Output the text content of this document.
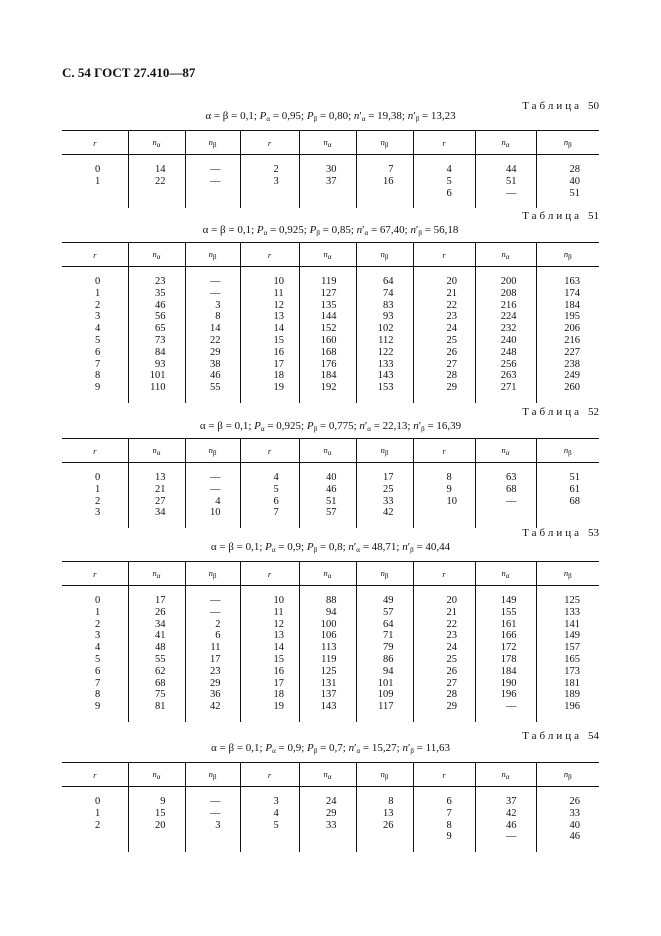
С. 54 ГОСТ 27.410—87
Таблица 50
α = β = 0,1; $P_\alpha = 0,95$; $P_\beta = 0,80$; $n'_\alpha = 19,38$; $n'_\beta = 13,23$
r	$n_\alpha$	$n_\beta$	r	$n_\alpha$	$n_\beta$	r	$n_\alpha$	$n_\beta$

0	14	—	2	30	7	4	44	28
1	22	—	3	37	16	5	51	40
						6	—	51

Таблица 51
α = β = 0,1; $P_\alpha = 0,925$; $P_\beta = 0,85$; $n'_\alpha = 67,40$; $n'_\beta = 56,18$
r	$n_\alpha$	$n_\beta$	r	$n_\alpha$	$n_\beta$	r	$n_\alpha$	$n_\beta$

0	23	—	10	119	64	20	200	163
1	35	—	11	127	74	21	208	174
2	46	3	12	135	83	22	216	184
3	56	8	13	144	93	23	224	195
4	65	14	14	152	102	24	232	206
5	73	22	15	160	112	25	240	216
6	84	29	16	168	122	26	248	227
7	93	38	17	176	133	27	256	238
8	101	46	18	184	143	28	263	249
9	110	55	19	192	153	29	271	260

Таблица 52
α = β = 0,1; $P_\alpha = 0,925$; $P_\beta = 0,775$; $n'_\alpha = 22,13$; $n'_\beta = 16,39$
r	$n_\alpha$	$n_\beta$	r	$n_\alpha$	$n_\beta$	r	$n_\alpha$	$n_\beta$

0	13	—	4	40	17	8	63	51
1	21	—	5	46	25	9	68	61
2	27	4	6	51	33	10	—	68
3	34	10	7	57	42			

Таблица 53
α = β = 0,1; $P_\alpha = 0,9$; $P_\beta = 0,8$; $n'_\alpha = 48,71$; $n'_\beta = 40,44$
r	$n_\alpha$	$n_\beta$	r	$n_\alpha$	$n_\beta$	r	$n_\alpha$	$n_\beta$

0	17	—	10	88	49	20	149	125
1	26	—	11	94	57	21	155	133
2	34	2	12	100	64	22	161	141
3	41	6	13	106	71	23	166	149
4	48	11	14	113	79	24	172	157
5	55	17	15	119	86	25	178	165
6	62	23	16	125	94	26	184	173
7	68	29	17	131	101	27	190	181
8	75	36	18	137	109	28	196	189
9	81	42	19	143	117	29	—	196

Таблица 54
α = β = 0,1; $P_\alpha = 0,9$; $P_\beta = 0,7$; $n'_\alpha = 15,27$; $n'_\beta = 11,63$
r	$n_\alpha$	$n_\beta$	r	$n_\alpha$	$n_\beta$	r	$n_\alpha$	$n_\beta$

0	9	—	3	24	8	6	37	26
1	15	—	4	29	13	7	42	33
2	20	3	5	33	26	8	46	40
						9	—	46
